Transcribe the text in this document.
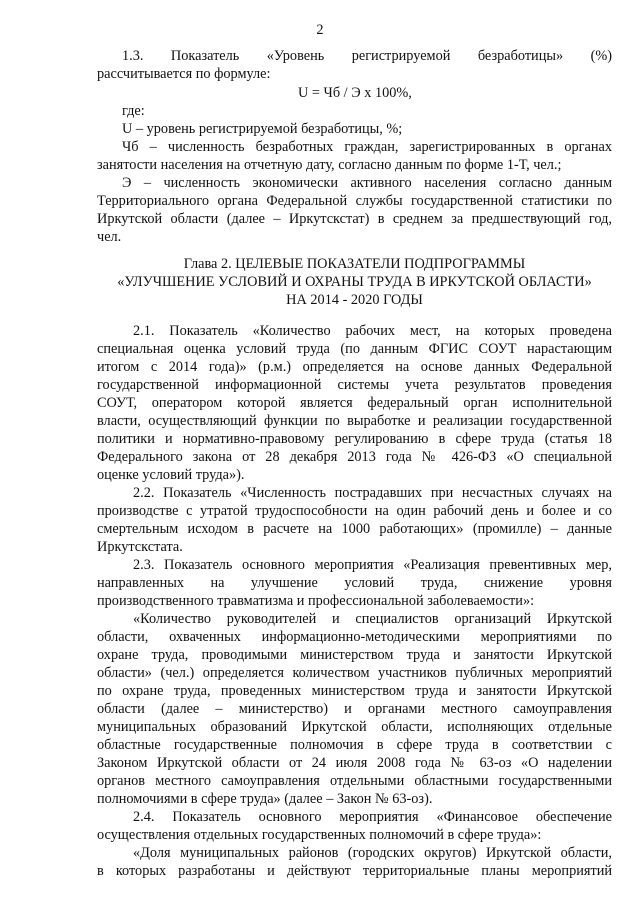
2
1.3. Показатель «Уровень регистрируемой безработицы» (%)
рассчитывается по формуле:
U = Чб / Э х 100%,
где:
U – уровень регистрируемой безработицы, %;
Чб – численность безработных граждан, зарегистрированных в органах
занятости населения на отчетную дату, согласно данным по форме 1-Т, чел.;
Э – численность экономически активного населения согласно данным
Территориального органа Федеральной службы государственной статистики по
Иркутской области (далее – Иркутскстат) в среднем за предшествующий год,
чел.
Глава 2. ЦЕЛЕВЫЕ ПОКАЗАТЕЛИ ПОДПРОГРАММЫ
«УЛУЧШЕНИЕ УСЛОВИЙ И ОХРАНЫ ТРУДА В ИРКУТСКОЙ ОБЛАСТИ»
НА 2014 - 2020 ГОДЫ
2.1. Показатель «Количество рабочих мест, на которых проведена
специальная оценка условий труда (по данным ФГИС СОУТ нарастающим
итогом с 2014 года)» (р.м.) определяется на основе данных Федеральной
государственной информационной системы учета результатов проведения
СОУТ, оператором которой является федеральный орган исполнительной
власти, осуществляющий функции по выработке и реализации государственной
политики и нормативно-правовому регулированию в сфере труда (статья 18
Федерального закона от 28 декабря 2013 года № 426-ФЗ «О специальной
оценке условий труда»).
2.2. Показатель «Численность пострадавших при несчастных случаях на
производстве с утратой трудоспособности на один рабочий день и более и со
смертельным исходом в расчете на 1000 работающих» (промилле) – данные
Иркутскстата.
2.3. Показатель основного мероприятия «Реализация превентивных мер,
направленных на улучшение условий труда, снижение уровня
производственного травматизма и профессиональной заболеваемости»:
«Количество руководителей и специалистов организаций Иркутской
области, охваченных информационно-методическими мероприятиями по
охране труда, проводимыми министерством труда и занятости Иркутской
области» (чел.) определяется количеством участников публичных мероприятий
по охране труда, проведенных министерством труда и занятости Иркутской
области (далее – министерство) и органами местного самоуправления
муниципальных образований Иркутской области, исполняющих отдельные
областные государственные полномочия в сфере труда в соответствии с
Законом Иркутской области от 24 июля 2008 года № 63-оз «О наделении
органов местного самоуправления отдельными областными государственными
полномочиями в сфере труда» (далее – Закон № 63-оз).
2.4. Показатель основного мероприятия «Финансовое обеспечение
осуществления отдельных государственных полномочий в сфере труда»:
«Доля муниципальных районов (городских округов) Иркутской области,
в которых разработаны и действуют территориальные планы мероприятий
